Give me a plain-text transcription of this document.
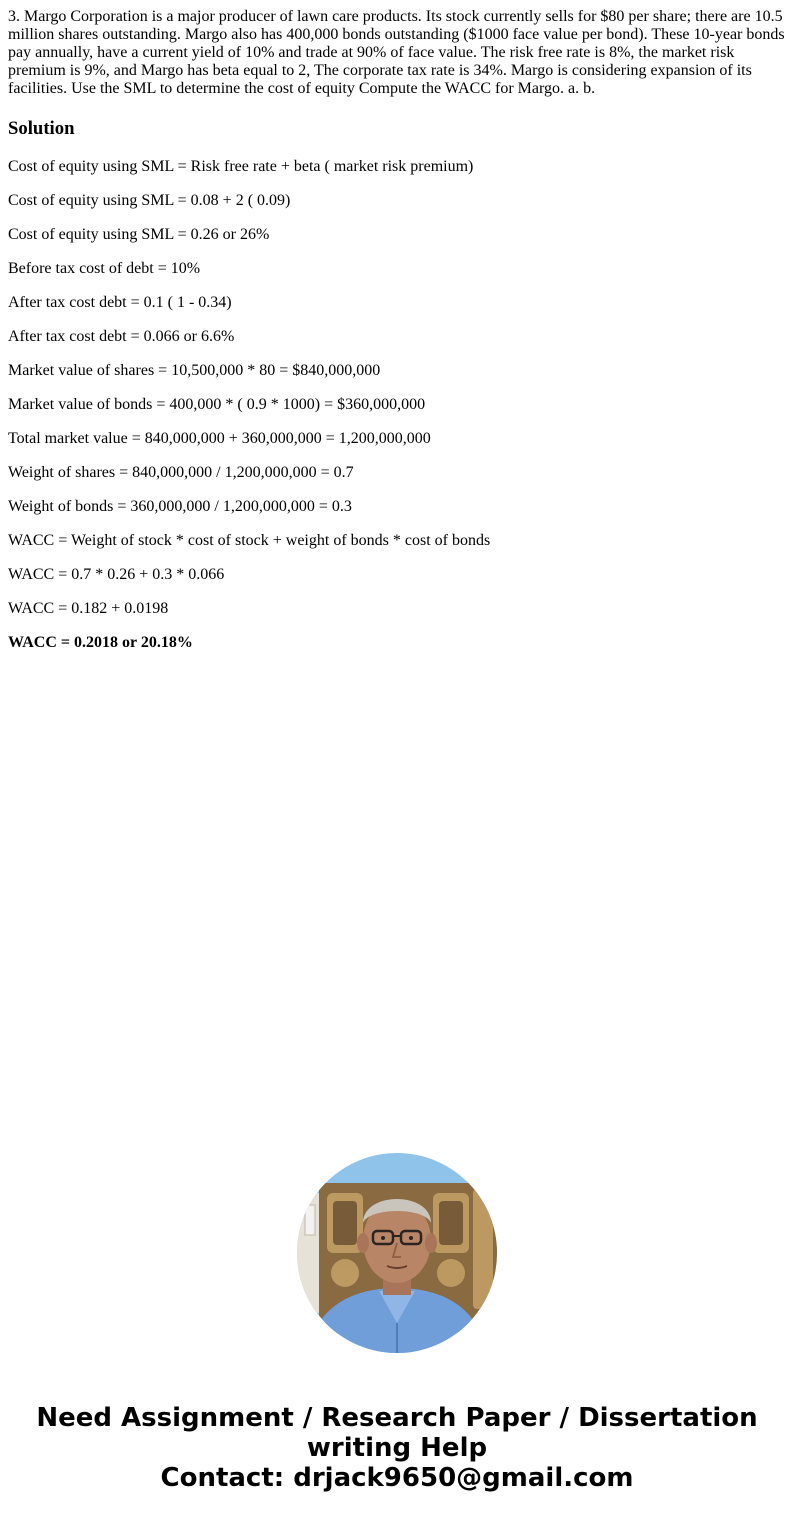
3. Margo Corporation is a major producer of lawn care products. Its stock currently sells for $80 per share; there are 10.5 million shares outstanding. Margo also has 400,000 bonds outstanding ($1000 face value per bond). These 10-year bonds pay annually, have a current yield of 10% and trade at 90% of face value. The risk free rate is 8%, the market risk premium is 9%, and Margo has beta equal to 2, The corporate tax rate is 34%. Margo is considering expansion of its facilities. Use the SML to determine the cost of equity Compute the WACC for Margo. a. b.

Solution

Cost of equity using SML = Risk free rate + beta ( market risk premium)

Cost of equity using SML = 0.08 + 2 ( 0.09)

Cost of equity using SML = 0.26 or 26%

Before tax cost of debt = 10%

After tax cost debt = 0.1 ( 1 - 0.34)

After tax cost debt = 0.066 or 6.6%

Market value of shares = 10,500,000 * 80 = $840,000,000

Market value of bonds = 400,000 * ( 0.9 * 1000) = $360,000,000

Total market value = 840,000,000 + 360,000,000 = 1,200,000,000

Weight of shares = 840,000,000 / 1,200,000,000 = 0.7

Weight of bonds = 360,000,000 / 1,200,000,000 = 0.3

WACC = Weight of stock * cost of stock + weight of bonds * cost of bonds

WACC = 0.7 * 0.26 + 0.3 * 0.066

WACC = 0.182 + 0.0198

WACC = 0.2018 or 20.18%

Need Assignment / Research Paper / Dissertation
writing Help
Contact: drjack9650@gmail.com
